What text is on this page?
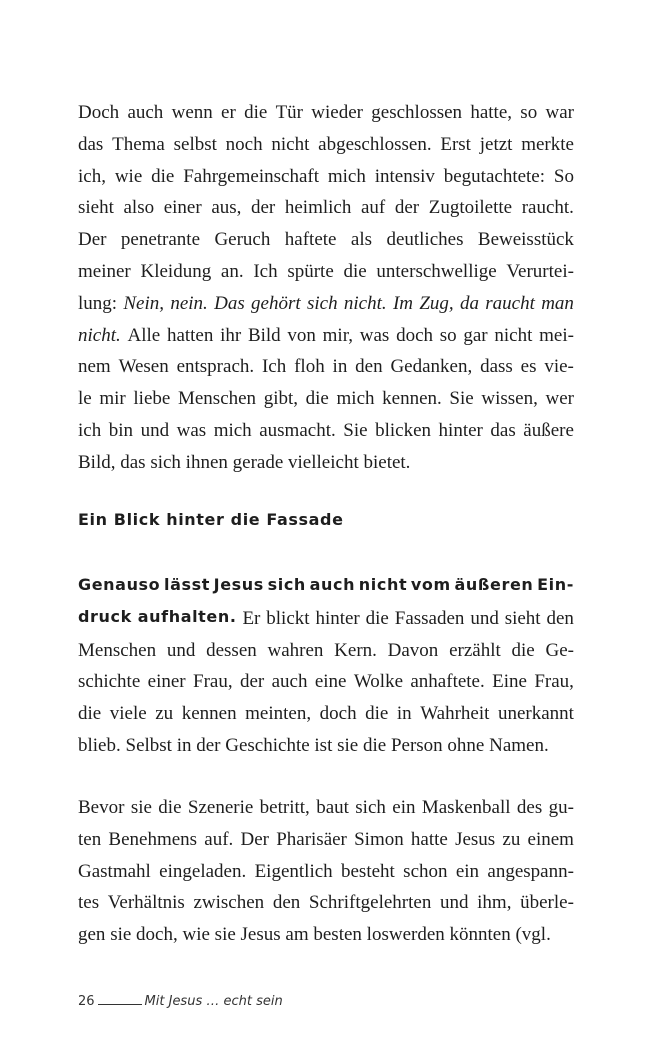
Doch auch wenn er die Tür wieder geschlossen hatte, so war
das Thema selbst noch nicht abgeschlossen. Erst jetzt merkte
ich, wie die Fahrgemeinschaft mich intensiv begutachtete: So
sieht also einer aus, der heimlich auf der Zugtoilette raucht.
Der penetrante Geruch haftete als deutliches Beweisstück
meiner Kleidung an. Ich spürte die unterschwellige Verurtei-
lung: Nein, nein. Das gehört sich nicht. Im Zug, da raucht man
nicht. Alle hatten ihr Bild von mir, was doch so gar nicht mei-
nem Wesen entsprach. Ich floh in den Gedanken, dass es vie-
le mir liebe Menschen gibt, die mich kennen. Sie wissen, wer
ich bin und was mich ausmacht. Sie blicken hinter das äußere
Bild, das sich ihnen gerade vielleicht bietet.
Genauso lässt Jesus sich auch nicht vom äußeren Ein-
druck aufhalten. Er blickt hinter die Fassaden und sieht den
Menschen und dessen wahren Kern. Davon erzählt die Ge-
schichte einer Frau, der auch eine Wolke anhaftete. Eine Frau,
die viele zu kennen meinten, doch die in Wahrheit unerkannt
blieb. Selbst in der Geschichte ist sie die Person ohne Namen.
Bevor sie die Szenerie betritt, baut sich ein Maskenball des gu-
ten Benehmens auf. Der Pharisäer Simon hatte Jesus zu einem
Gastmahl eingeladen. Eigentlich besteht schon ein angespann-
tes Verhältnis zwischen den Schriftgelehrten und ihm, überle-
gen sie doch, wie sie Jesus am besten loswerden könnten (vgl.
Ein Blick hinter die Fassade
26	Mit Jesus … echt sein
